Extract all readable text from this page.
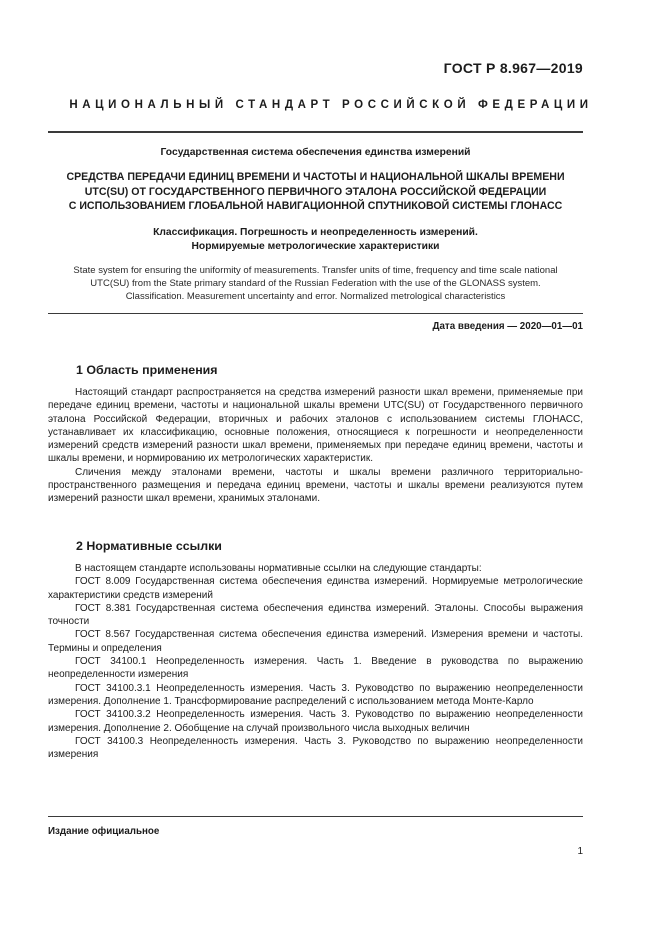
ГОСТ Р 8.967—2019
НАЦИОНАЛЬНЫЙ СТАНДАРТ РОССИЙСКОЙ ФЕДЕРАЦИИ
Государственная система обеспечения единства измерений
СРЕДСТВА ПЕРЕДАЧИ ЕДИНИЦ ВРЕМЕНИ И ЧАСТОТЫ И НАЦИОНАЛЬНОЙ ШКАЛЫ ВРЕМЕНИ
UTC(SU) ОТ ГОСУДАРСТВЕННОГО ПЕРВИЧНОГО ЭТАЛОНА РОССИЙСКОЙ ФЕДЕРАЦИИ
С ИСПОЛЬЗОВАНИЕМ ГЛОБАЛЬНОЙ НАВИГАЦИОННОЙ СПУТНИКОВОЙ СИСТЕМЫ ГЛОНАСС
Классификация. Погрешность и неопределенность измерений.
Нормируемые метрологические характеристики
State system for ensuring the uniformity of measurements. Transfer units of time, frequency and time scale national
UTC(SU) from the State primary standard of the Russian Federation with the use of the GLONASS system.
Classification. Measurement uncertainty and error. Normalized metrological characteristics
Дата введения — 2020—01—01
1 Область применения

Настоящий стандарт распространяется на средства измерений разности шкал времени, применяемые при передаче единиц времени, частоты и национальной шкалы времени UTC(SU) от Государственного первичного эталона Российской Федерации, вторичных и рабочих эталонов с использованием системы ГЛОНАСС, устанавливает их классификацию, основные положения, относящиеся к погрешности и неопределенности измерений средств измерений разности шкал времени, применяемых при передаче единиц времени, частоты и шкалы времени, и нормированию их метрологических характеристик.

Сличения между эталонами времени, частоты и шкалы времени различного территориально-пространственного размещения и передача единиц времени, частоты и шкалы времени реализуются путем измерений разности шкал времени, хранимых эталонами.

2 Нормативные ссылки

В настоящем стандарте использованы нормативные ссылки на следующие стандарты:

ГОСТ 8.009 Государственная система обеспечения единства измерений. Нормируемые метрологические характеристики средств измерений

ГОСТ 8.381 Государственная система обеспечения единства измерений. Эталоны. Способы выражения точности

ГОСТ 8.567 Государственная система обеспечения единства измерений. Измерения времени и частоты. Термины и определения

ГОСТ 34100.1 Неопределенность измерения. Часть 1. Введение в руководства по выражению неопределенности измерения

ГОСТ 34100.3.1 Неопределенность измерения. Часть 3. Руководство по выражению неопределенности измерения. Дополнение 1. Трансформирование распределений с использованием метода Монте-Карло

ГОСТ 34100.3.2 Неопределенность измерения. Часть 3. Руководство по выражению неопределенности измерения. Дополнение 2. Обобщение на случай произвольного числа выходных величин

ГОСТ 34100.3 Неопределенность измерения. Часть 3. Руководство по выражению неопределенности измерения

Издание официальное
1
